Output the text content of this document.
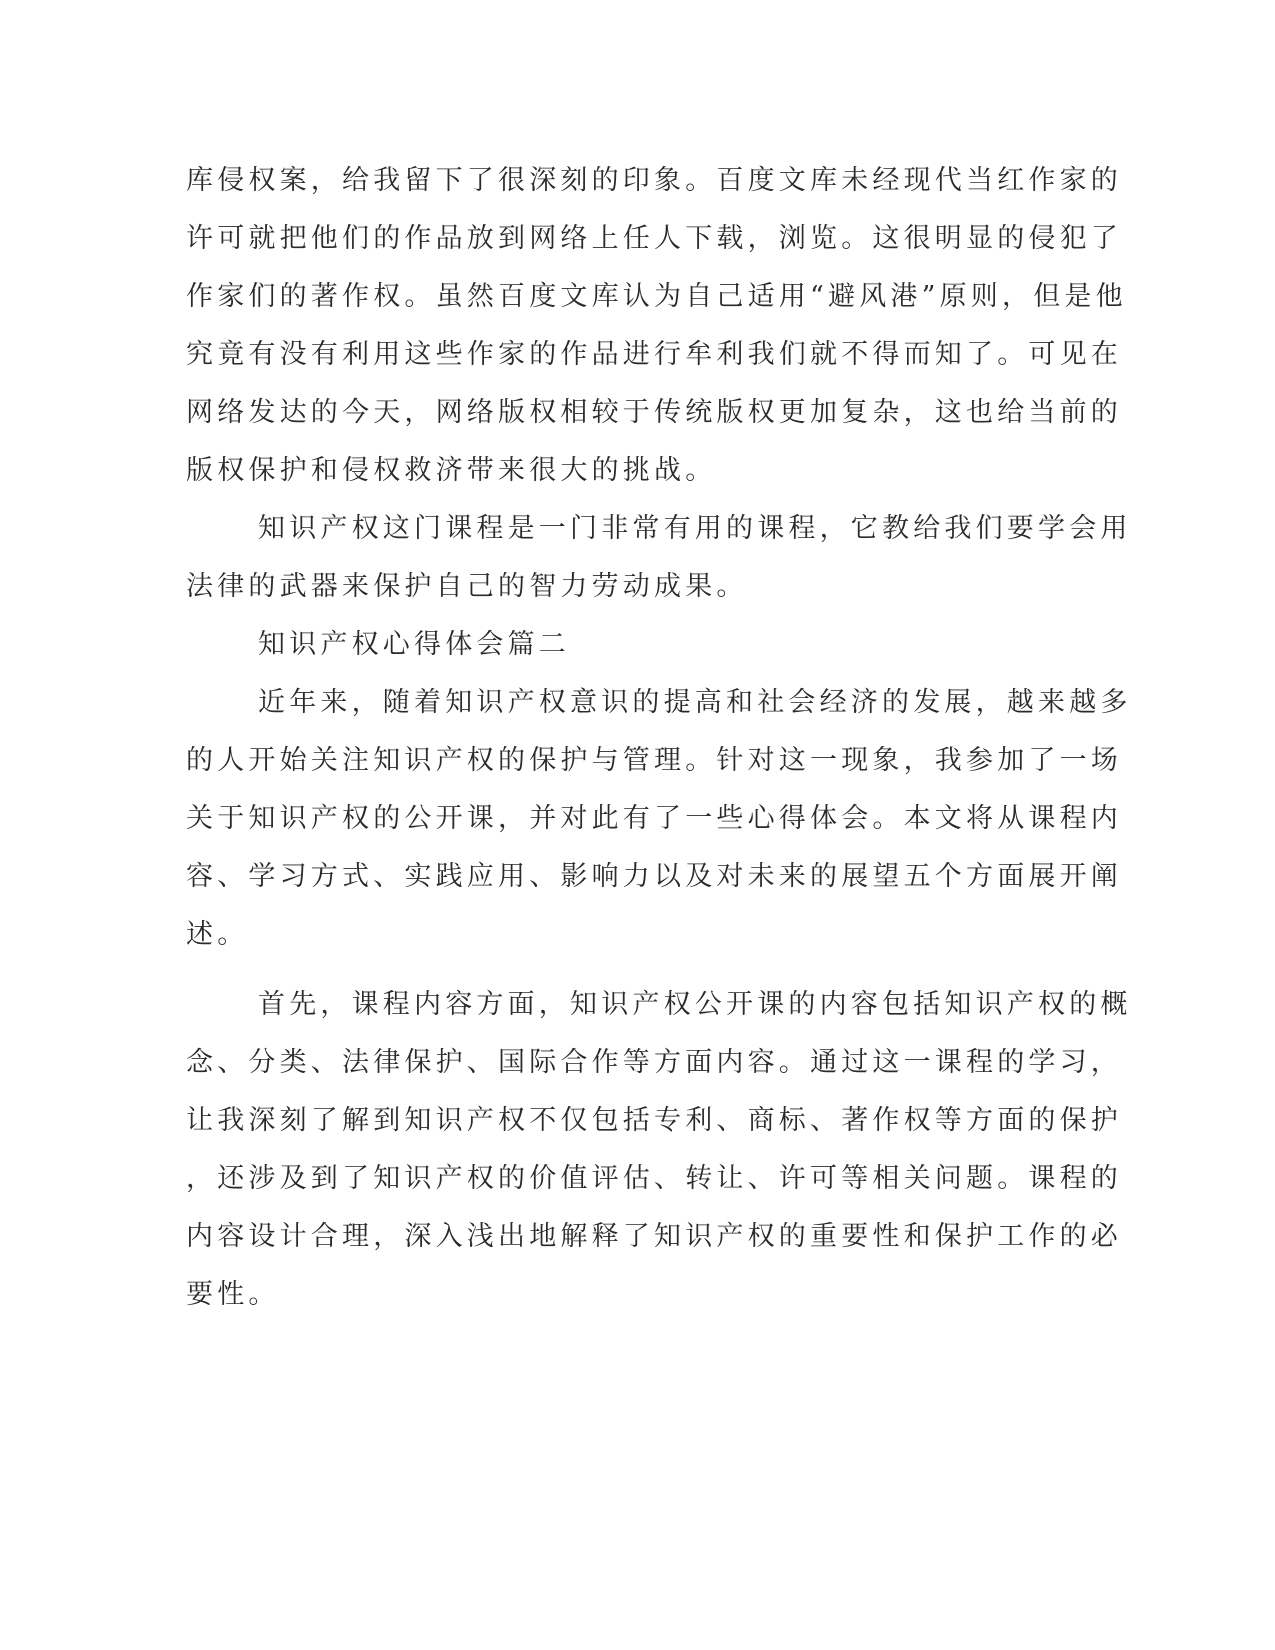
库侵权案，给我留下了很深刻的印象。百度文库未经现代当红作家的
许可就把他们的作品放到网络上任人下载，浏览。这很明显的侵犯了
作家们的著作权。虽然百度文库认为自己适用“避风港”原则，但是他
究竟有没有利用这些作家的作品进行牟利我们就不得而知了。可见在
网络发达的今天，网络版权相较于传统版权更加复杂，这也给当前的
版权保护和侵权救济带来很大的挑战。
知识产权这门课程是一门非常有用的课程，它教给我们要学会用
法律的武器来保护自己的智力劳动成果。
知识产权心得体会篇二
近年来，随着知识产权意识的提高和社会经济的发展，越来越多
的人开始关注知识产权的保护与管理。针对这一现象，我参加了一场
关于知识产权的公开课，并对此有了一些心得体会。本文将从课程内
容、学习方式、实践应用、影响力以及对未来的展望五个方面展开阐
述。
首先，课程内容方面，知识产权公开课的内容包括知识产权的概
念、分类、法律保护、国际合作等方面内容。通过这一课程的学习，
让我深刻了解到知识产权不仅包括专利、商标、著作权等方面的保护
，还涉及到了知识产权的价值评估、转让、许可等相关问题。课程的
内容设计合理，深入浅出地解释了知识产权的重要性和保护工作的必
要性。
